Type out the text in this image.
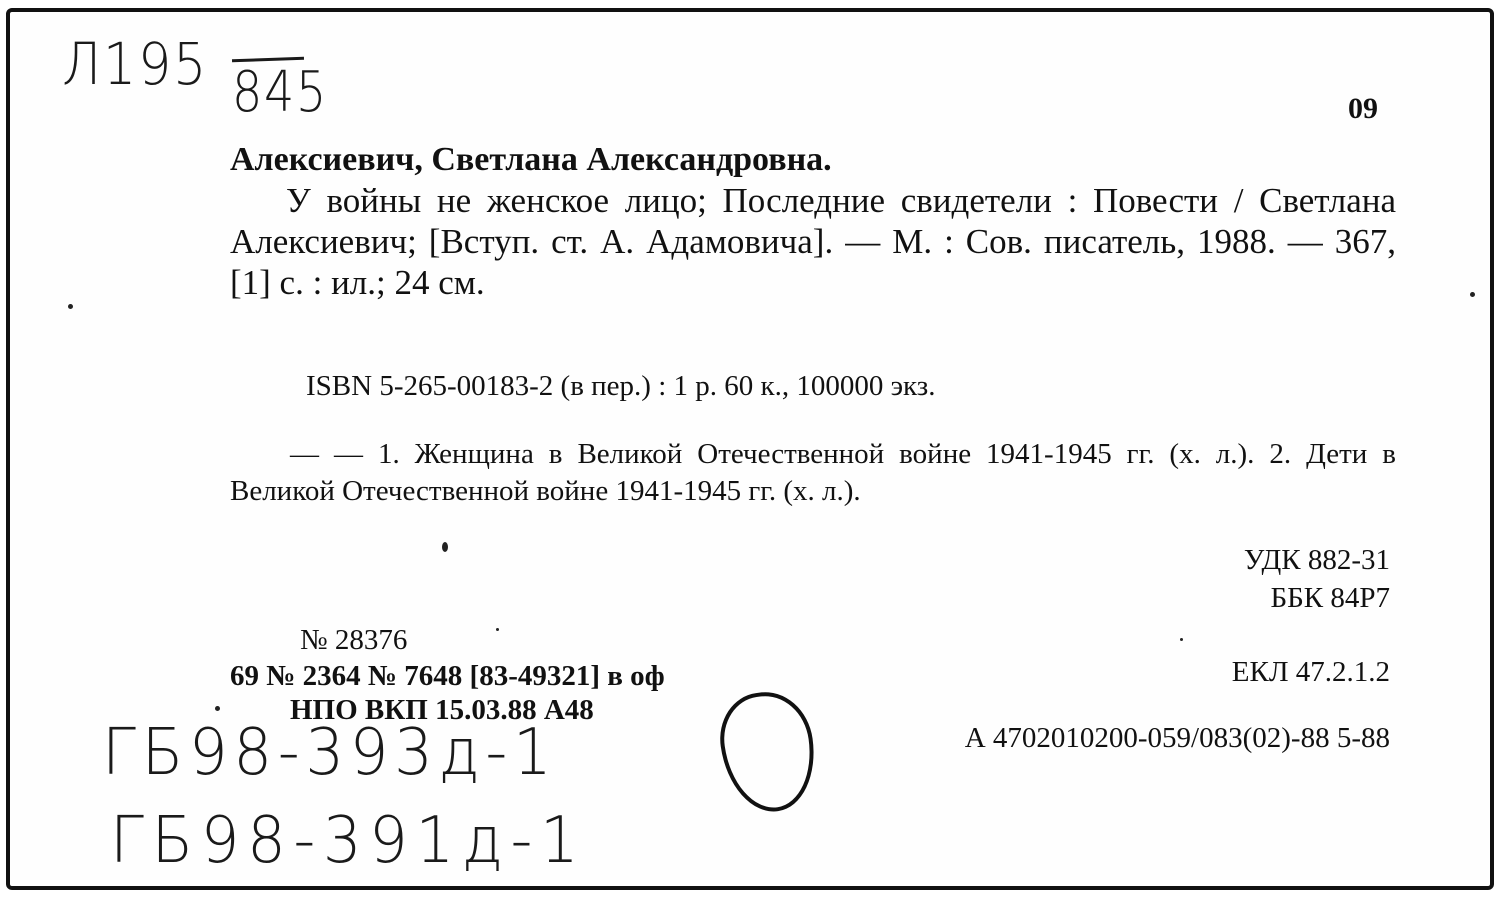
Л195 845	09
Алексиевич, Светлана Александровна.
У войны не женское лицо; Последние свидетели : Повести / Светлана Алексиевич; [Вступ. ст. А. Адамовича]. — М. : Сов. писатель, 1988. — 367,[1] с. : ил.; 24 см.
ISBN 5-265-00183-2 (в пер.) : 1 р. 60 к., 100000 экз.
— — 1. Женщина в Великой Отечественной войне 1941-1945 гг. (х. л.). 2. Дети в Великой Отечественной войне 1941-1945 гг. (х. л.).
УДК 882-31
ББК 84Р7
№ 28376
69 № 2364 № 7648 [83-49321] в оф
НПО ВКП 15.03.88 А48
ЕКЛ 47.2.1.2
А 4702010200-059/083(02)-88 5-88
ГБ98-393д-1
ГБ98-391д-1
